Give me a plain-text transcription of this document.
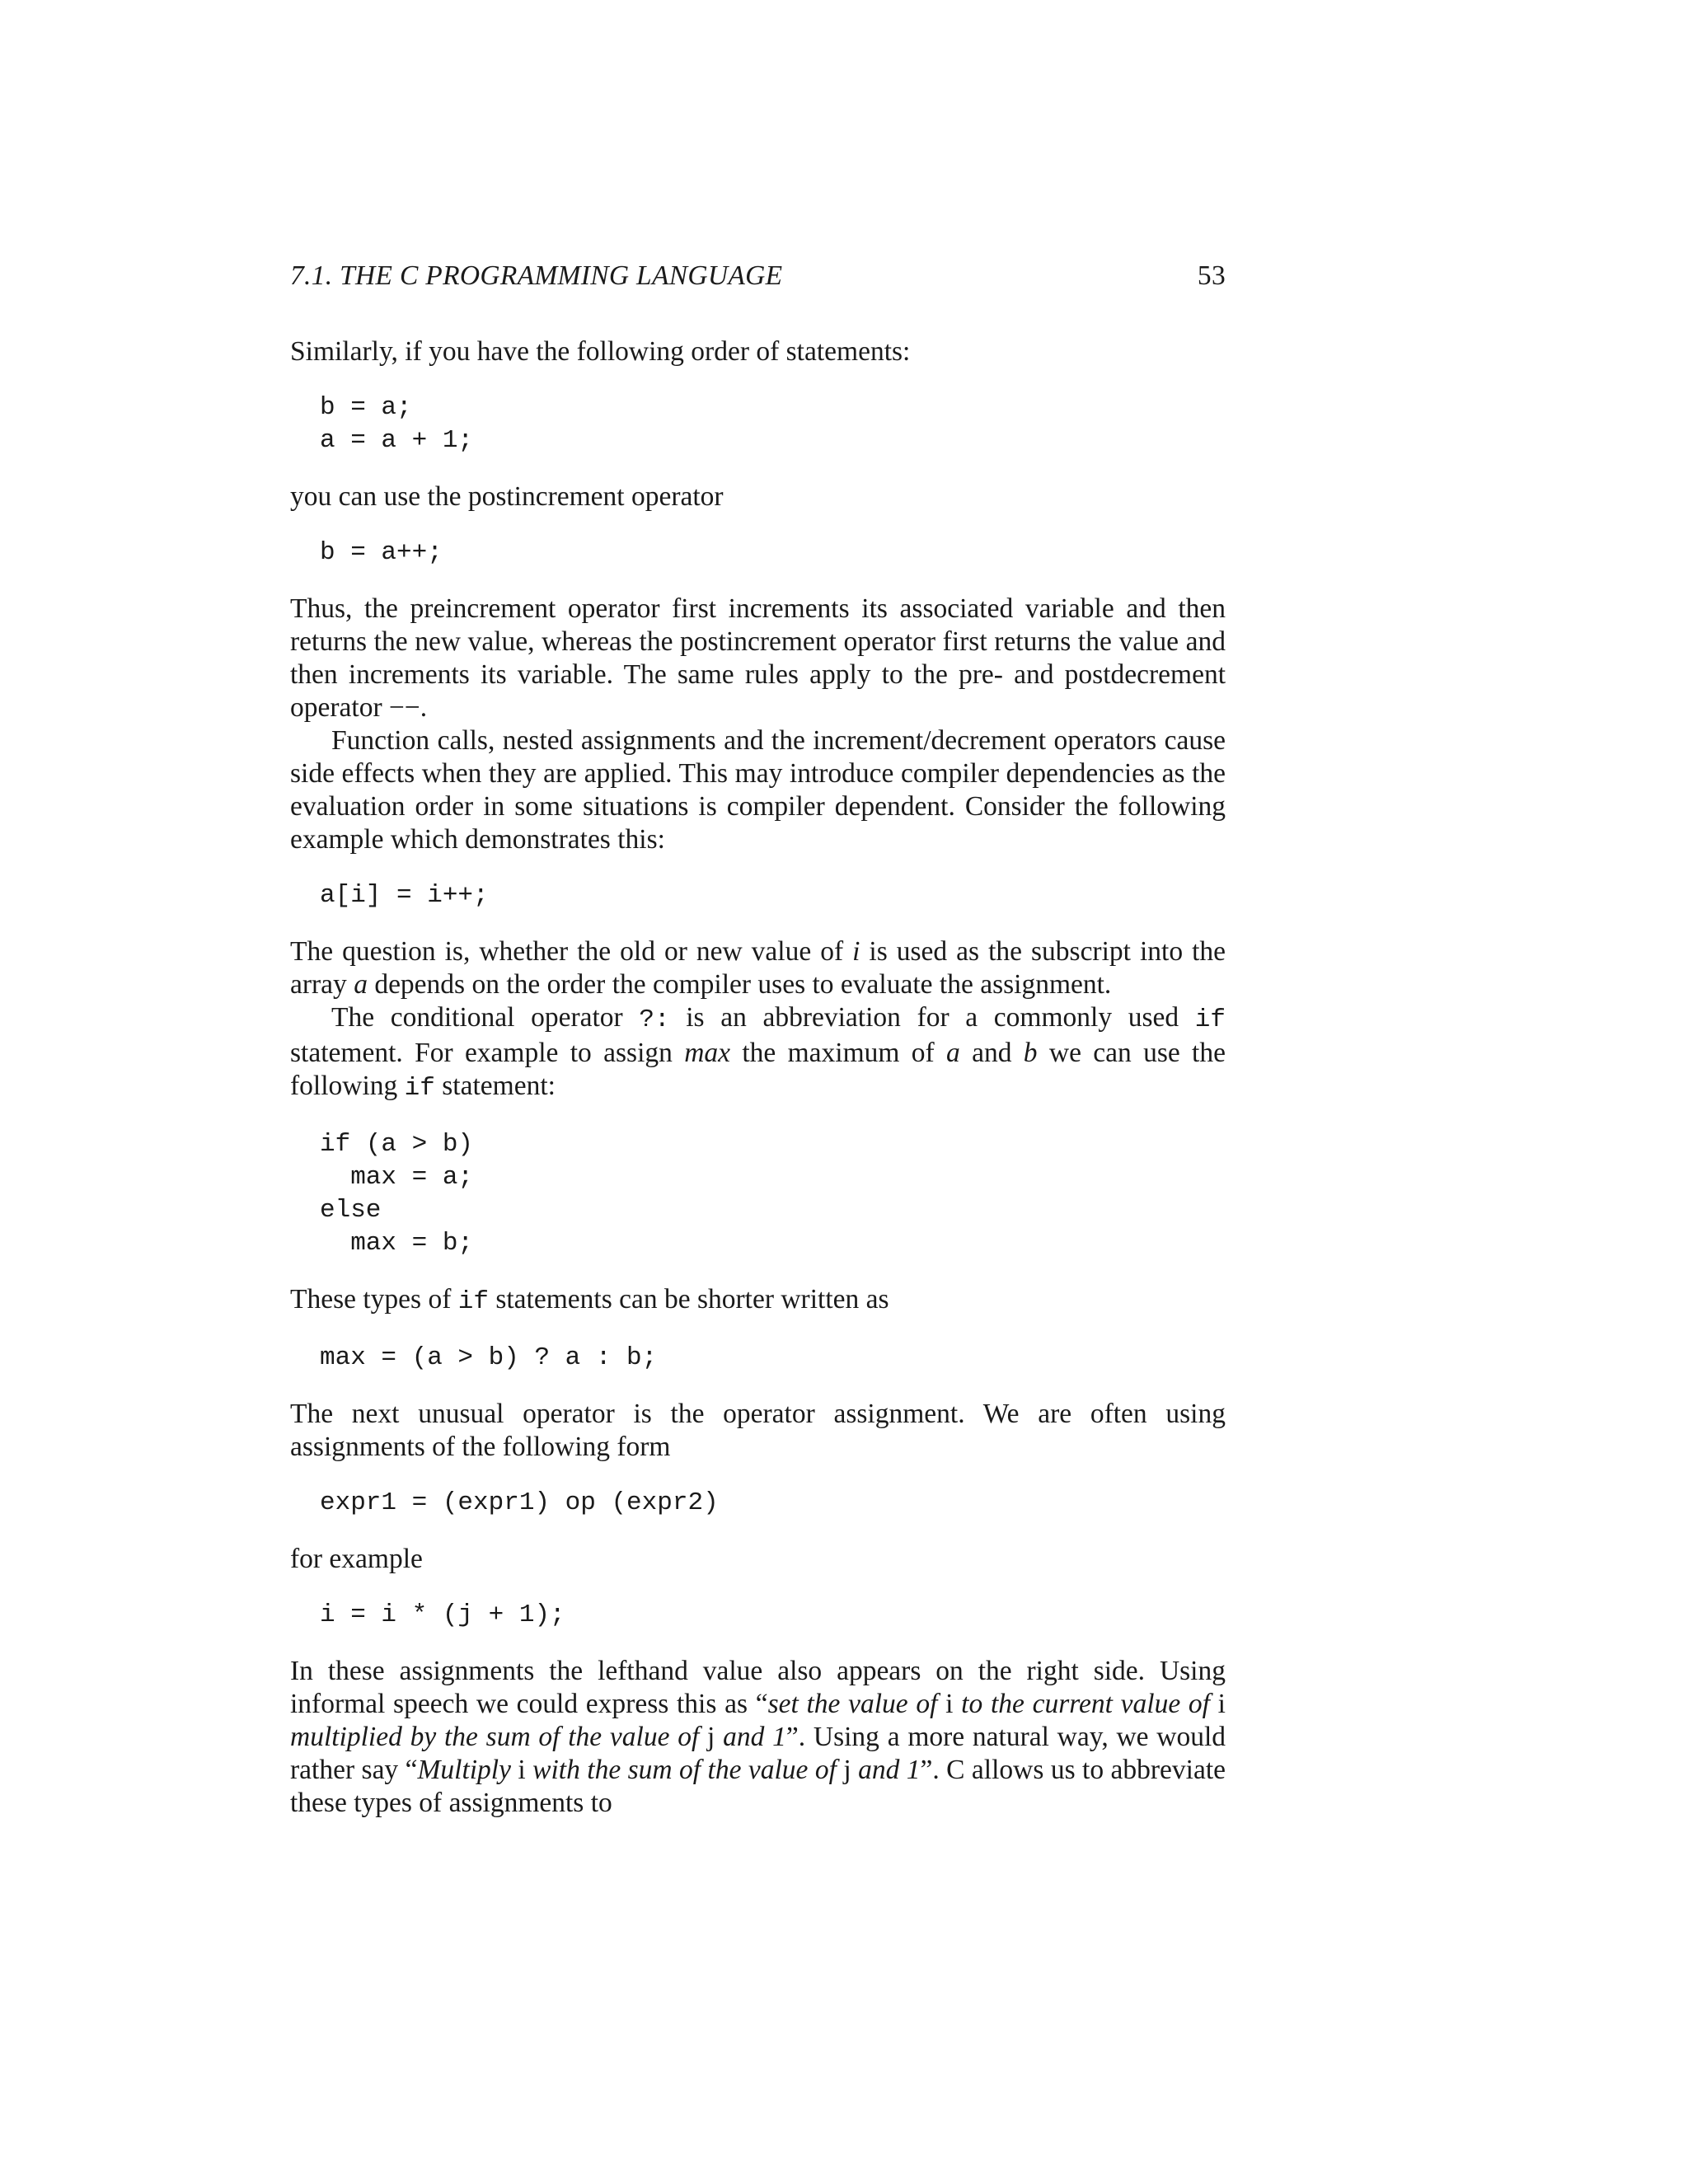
7.1. THE C PROGRAMMING LANGUAGE	53

Similarly, if you have the following order of statements:

b = a;
a = a + 1;

you can use the postincrement operator

b = a++;

Thus, the preincrement operator first increments its associated variable and then returns the new value, whereas the postincrement operator first returns the value and then increments its variable. The same rules apply to the pre- and postdecrement operator −−.

Function calls, nested assignments and the increment/decrement operators cause side effects when they are applied. This may introduce compiler dependencies as the evaluation order in some situations is compiler dependent. Consider the following example which demonstrates this:

a[i] = i++;

The question is, whether the old or new value of i is used as the subscript into the array a depends on the order the compiler uses to evaluate the assignment.

The conditional operator ?: is an abbreviation for a commonly used if statement. For example to assign max the maximum of a and b we can use the following if statement:

if (a > b)
max = a;
else
max = b;

These types of if statements can be shorter written as

max = (a > b) ? a : b;

The next unusual operator is the operator assignment. We are often using assignments of the following form

expr1 = (expr1) op (expr2)

for example

i = i * (j + 1);

In these assignments the lefthand value also appears on the right side. Using informal speech we could express this as “set the value of i to the current value of i multiplied by the sum of the value of j and 1”. Using a more natural way, we would rather say “Multiply i with the sum of the value of j and 1”. C allows us to abbreviate these types of assignments to
